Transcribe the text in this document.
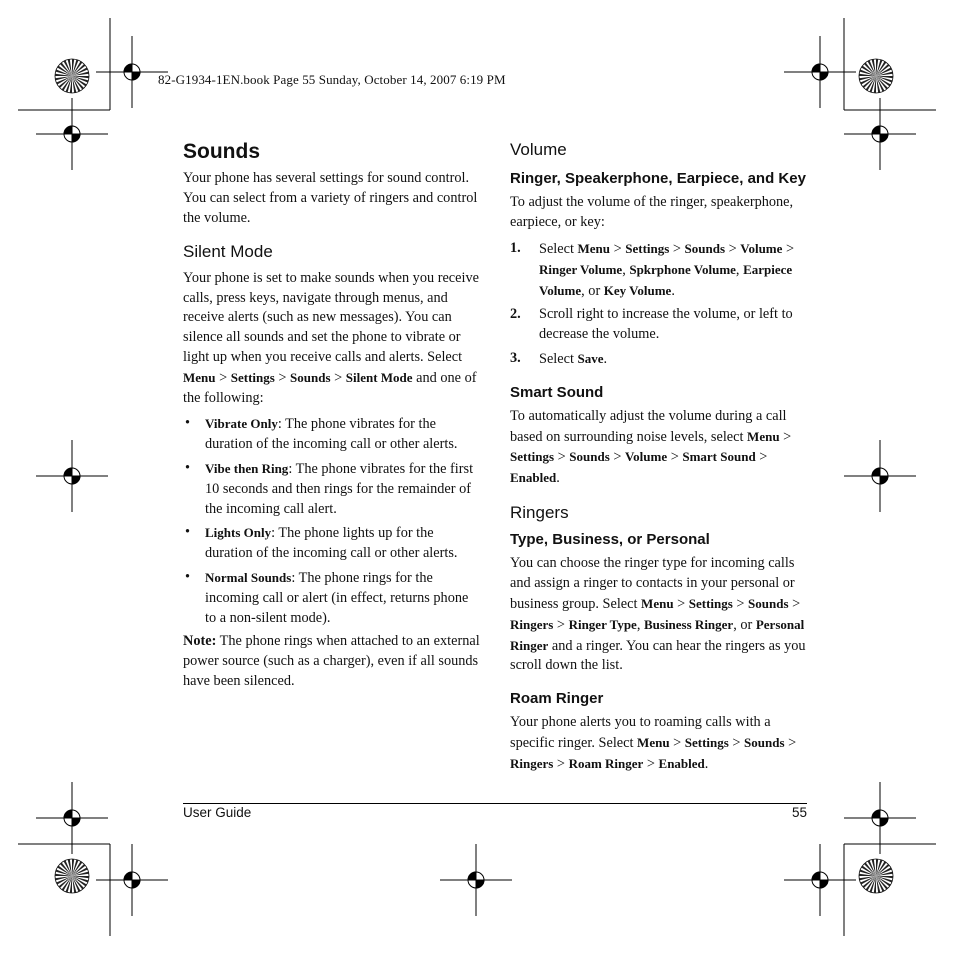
82-G1934-1EN.book Page 55 Sunday, October 14, 2007 6:19 PM
Sounds

Your phone has several settings for sound control. You can select from a variety of ringers and control the volume.

Silent Mode

Your phone is set to make sounds when you receive calls, press keys, navigate through menus, and receive alerts (such as new messages). You can silence all sounds and set the phone to vibrate or light up when you receive calls and alerts. Select Menu > Settings > Sounds > Silent Mode and one of the following:

• Vibrate Only: The phone vibrates for the duration of the incoming call or other alerts.
• Vibe then Ring: The phone vibrates for the first 10 seconds and then rings for the remainder of the incoming call alert.
• Lights Only: The phone lights up for the duration of the incoming call or other alerts.
• Normal Sounds: The phone rings for the incoming call or alert (in effect, returns phone to a non-silent mode).

Note: The phone rings when attached to an external power source (such as a charger), even if all sounds have been silenced.

Volume
Ringer, Speakerphone, Earpiece, and Key

To adjust the volume of the ringer, speakerphone, earpiece, or key:

1. Select Menu > Settings > Sounds > Volume > Ringer Volume, Spkrphone Volume, Earpiece Volume, or Key Volume.
2. Scroll right to increase the volume, or left to decrease the volume.
3. Select Save.
Smart Sound

To automatically adjust the volume during a call based on surrounding noise levels, select Menu > Settings > Sounds > Volume > Smart Sound > Enabled.

Ringers
Type, Business, or Personal

You can choose the ringer type for incoming calls and assign a ringer to contacts in your personal or business group. Select Menu > Settings > Sounds > Ringers > Ringer Type, Business Ringer, or Personal Ringer and a ringer. You can hear the ringers as you scroll down the list.

Roam Ringer

Your phone alerts you to roaming calls with a specific ringer. Select Menu > Settings > Sounds > Ringers > Roam Ringer > Enabled.

User Guide	55
